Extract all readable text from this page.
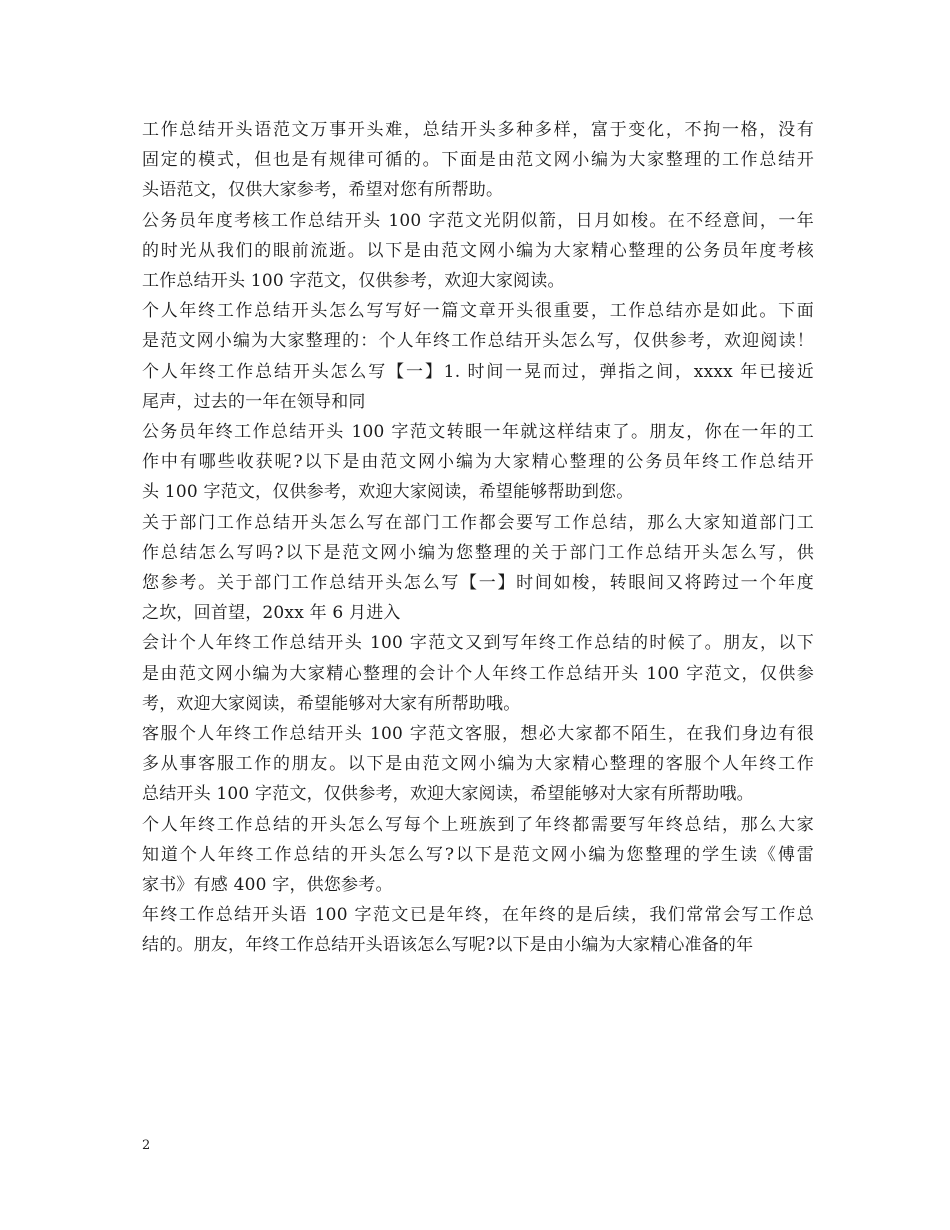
工作总结开头语范文万事开头难，总结开头多种多样，富于变化，不拘一格，没有
固定的模式，但也是有规律可循的。下面是由范文网小编为大家整理的工作总结开
头语范文，仅供大家参考，希望对您有所帮助。

公务员年度考核工作总结开头 100 字范文光阴似箭，日月如梭。在不经意间，一年
的时光从我们的眼前流逝。以下是由范文网小编为大家精心整理的公务员年度考核
工作总结开头 100 字范文，仅供参考，欢迎大家阅读。

个人年终工作总结开头怎么写写好一篇文章开头很重要，工作总结亦是如此。下面
是范文网小编为大家整理的：个人年终工作总结开头怎么写，仅供参考，欢迎阅读！
个人年终工作总结开头怎么写【一】1. 时间一晃而过，弹指之间，xxxx 年已接近
尾声，过去的一年在领导和同

公务员年终工作总结开头 100 字范文转眼一年就这样结束了。朋友，你在一年的工
作中有哪些收获呢?以下是由范文网小编为大家精心整理的公务员年终工作总结开
头 100 字范文，仅供参考，欢迎大家阅读，希望能够帮助到您。

关于部门工作总结开头怎么写在部门工作都会要写工作总结，那么大家知道部门工
作总结怎么写吗?以下是范文网小编为您整理的关于部门工作总结开头怎么写，供
您参考。关于部门工作总结开头怎么写【一】时间如梭，转眼间又将跨过一个年度
之坎，回首望，20xx 年 6 月进入

会计个人年终工作总结开头 100 字范文又到写年终工作总结的时候了。朋友，以下
是由范文网小编为大家精心整理的会计个人年终工作总结开头 100 字范文，仅供参
考，欢迎大家阅读，希望能够对大家有所帮助哦。

客服个人年终工作总结开头 100 字范文客服，想必大家都不陌生，在我们身边有很
多从事客服工作的朋友。以下是由范文网小编为大家精心整理的客服个人年终工作
总结开头 100 字范文，仅供参考，欢迎大家阅读，希望能够对大家有所帮助哦。

个人年终工作总结的开头怎么写每个上班族到了年终都需要写年终总结，那么大家
知道个人年终工作总结的开头怎么写?以下是范文网小编为您整理的学生读《傅雷
家书》有感 400 字，供您参考。

年终工作总结开头语 100 字范文已是年终，在年终的是后续，我们常常会写工作总
结的。朋友，年终工作总结开头语该怎么写呢?以下是由小编为大家精心准备的年

2
